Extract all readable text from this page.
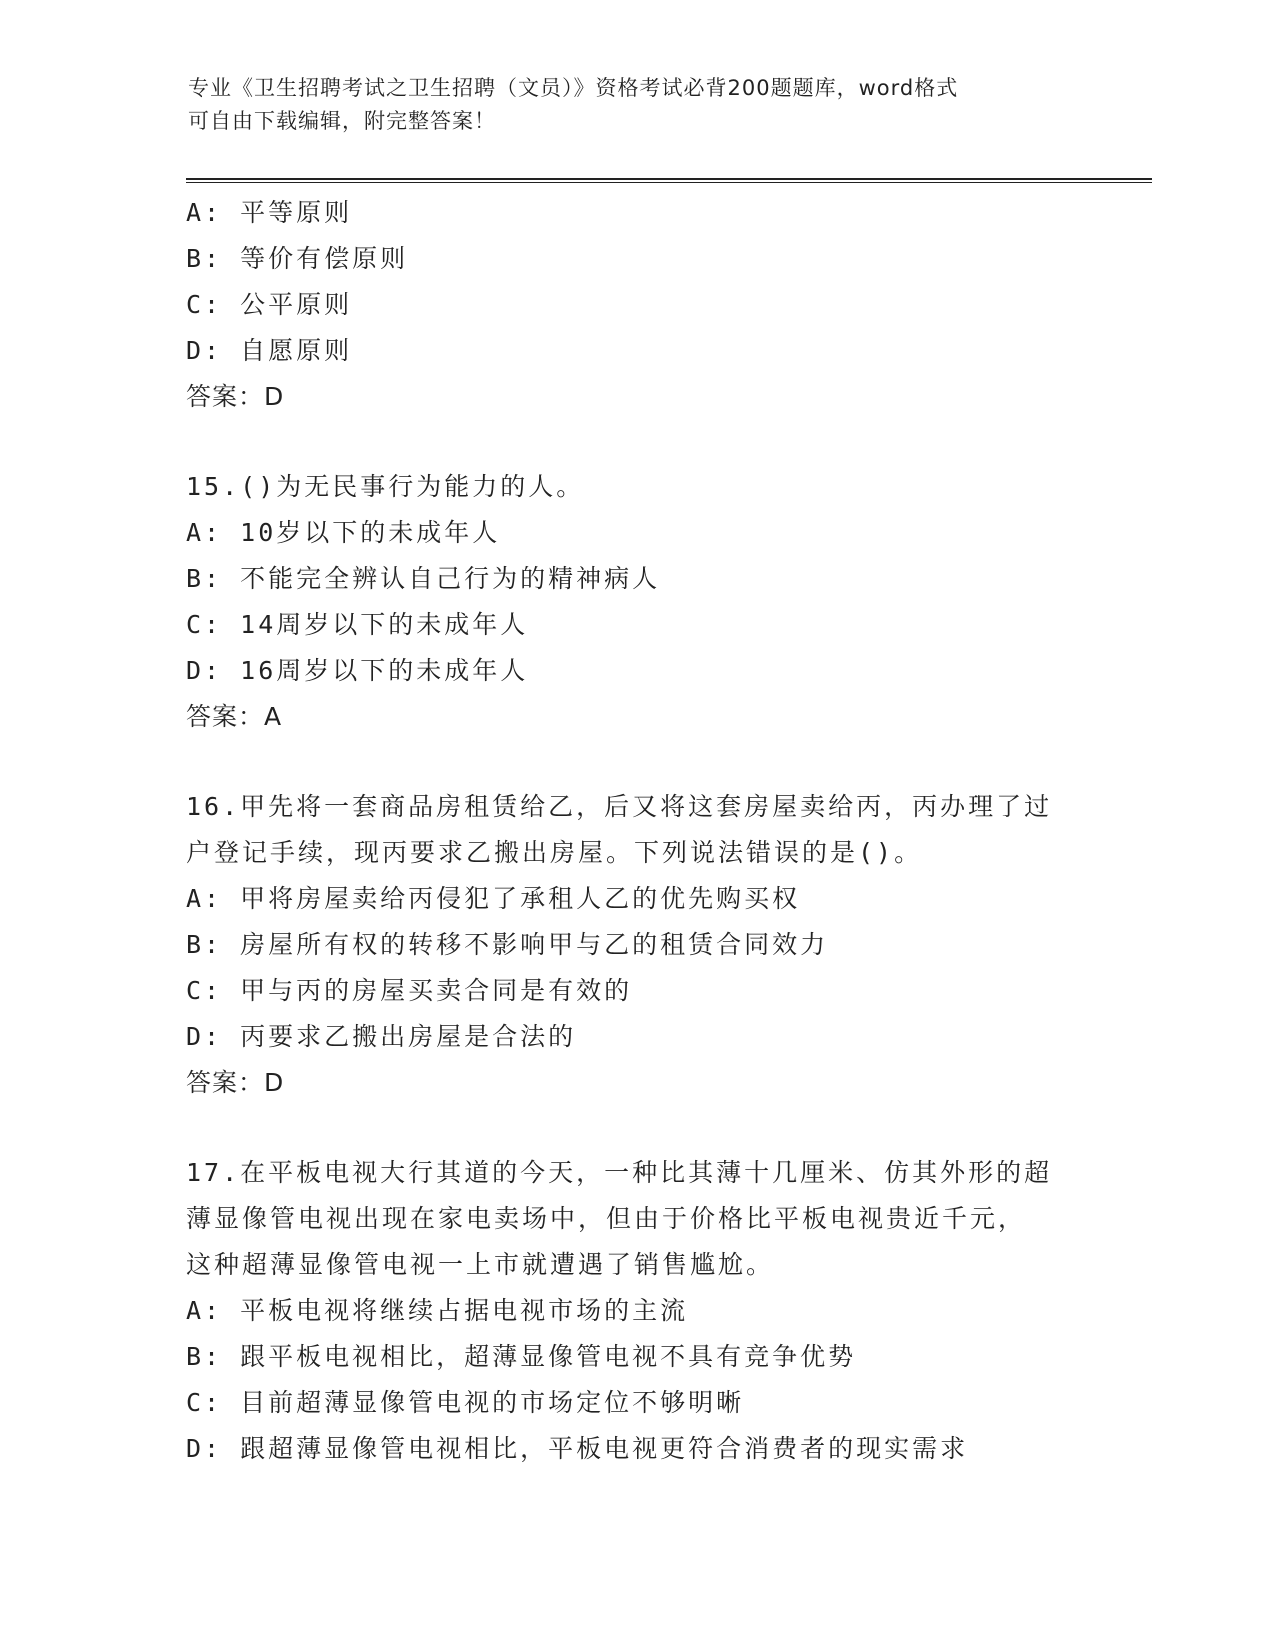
专业《卫生招聘考试之卫生招聘（文员）》资格考试必背200题题库，word格式
可自由下载编辑，附完整答案！
A: 平等原则
B: 等价有偿原则
C: 公平原则
D: 自愿原则
答案：D
15.()为无民事行为能力的人。
A: 10岁以下的未成年人
B: 不能完全辨认自己行为的精神病人
C: 14周岁以下的未成年人
D: 16周岁以下的未成年人
答案：A
16.甲先将一套商品房租赁给乙，后又将这套房屋卖给丙，丙办理了过
户登记手续，现丙要求乙搬出房屋。下列说法错误的是()。
A: 甲将房屋卖给丙侵犯了承租人乙的优先购买权
B: 房屋所有权的转移不影响甲与乙的租赁合同效力
C: 甲与丙的房屋买卖合同是有效的
D: 丙要求乙搬出房屋是合法的
答案：D
17.在平板电视大行其道的今天，一种比其薄十几厘米、仿其外形的超
薄显像管电视出现在家电卖场中，但由于价格比平板电视贵近千元，
这种超薄显像管电视一上市就遭遇了销售尴尬。
A: 平板电视将继续占据电视市场的主流
B: 跟平板电视相比，超薄显像管电视不具有竞争优势
C: 目前超薄显像管电视的市场定位不够明晰
D: 跟超薄显像管电视相比，平板电视更符合消费者的现实需求
